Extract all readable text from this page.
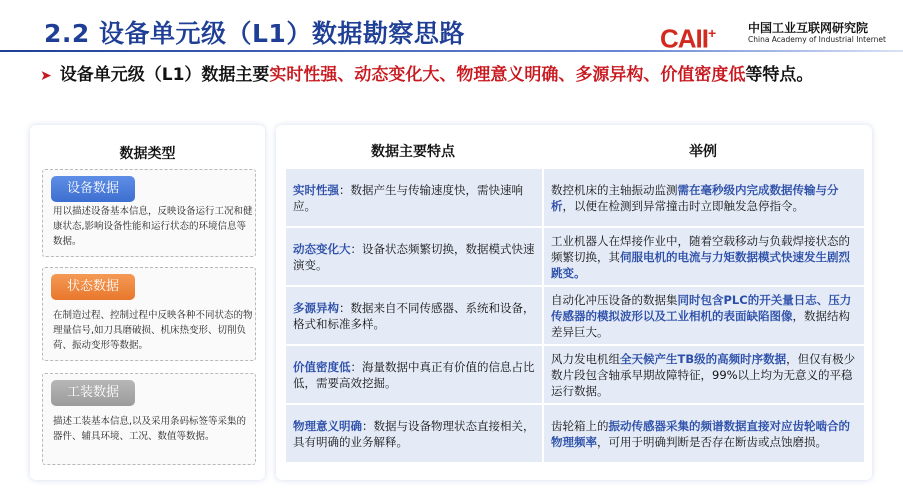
2.2 设备单元级（L1）数据勘察思路	CAII+	中国工业互联网研究院
China Academy of Industrial Internet
➤ 设备单元级（L1）数据主要实时性强、动态变化大、物理意义明确、多源异构、价值密度低等特点。
数据类型
设备数据
用以描述设备基本信息，反映设备运行工况和健康状态,影响设备性能和运行状态的环境信息等数据。
状态数据
在制造过程、控制过程中反映各种不同状态的物理量信号,如刀具磨破损、机床热变形、切削负荷、振动变形等数据。
工装数据
描述工装基本信息,以及采用条码标签等采集的器件、辅具环境、工况、数值等数据。
数据主要特点	举例
实时性强：数据产生与传输速度快，需快速响应。	数控机床的主轴振动监测需在毫秒级内完成数据传输与分析，以便在检测到异常撞击时立即触发急停指令。
动态变化大：设备状态频繁切换，数据模式快速演变。	工业机器人在焊接作业中，随着空载移动与负载焊接状态的频繁切换，其伺服电机的电流与力矩数据模式快速发生剧烈跳变。
多源异构：数据来自不同传感器、系统和设备，格式和标准多样。	自动化冲压设备的数据集同时包含PLC的开关量日志、压力传感器的模拟波形以及工业相机的表面缺陷图像，数据结构差异巨大。
价值密度低：海量数据中真正有价值的信息占比低，需要高效挖掘。	风力发电机组全天候产生TB级的高频时序数据，但仅有极少数片段包含轴承早期故障特征，99%以上均为无意义的平稳运行数据。
物理意义明确：数据与设备物理状态直接相关，具有明确的业务解释。	齿轮箱上的振动传感器采集的频谱数据直接对应齿轮啮合的物理频率，可用于明确判断是否存在断齿或点蚀磨损。
